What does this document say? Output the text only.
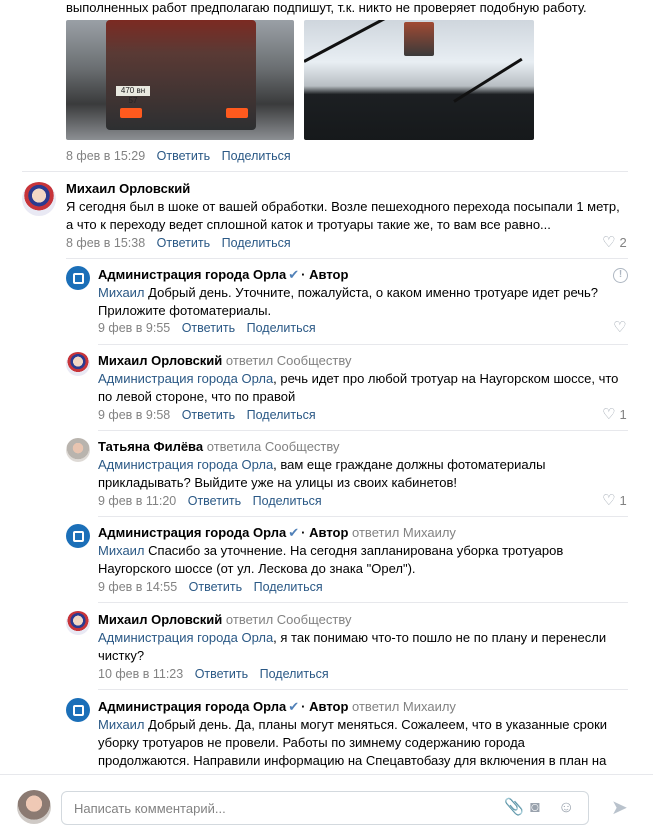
выполненных работ предполагаю подпишут, т.к. никто не проверяет подобную работу.
470 вн 57
8 фев в 15:29 Ответить Поделиться
Михаил Орловский
Я сегодня был в шоке от вашей обработки. Возле пешеходного перехода посыпали 1 метр,
а что к переходу ведет сплошной каток и тротуары такие же, то вам все равно...
8 фев в 15:38 Ответить Поделиться	♡ 2
Администрация города Орла ✔ · Автор	!
Михаил Добрый день. Уточните, пожалуйста, о каком именно тротуаре идет речь?
Приложите фотоматериалы.
9 фев в 9:55 Ответить Поделиться	♡
Михаил Орловский ответил Сообществу
Администрация города Орла, речь идет про любой тротуар на Наугорском шоссе, что
по левой стороне, что по правой
9 фев в 9:58 Ответить Поделиться	♡ 1
Татьяна Филёва ответила Сообществу
Администрация города Орла, вам еще граждане должны фотоматериалы
прикладывать? Выйдите уже на улицы из своих кабинетов!
9 фев в 11:20 Ответить Поделиться	♡ 1
Администрация города Орла ✔ · Автор ответил Михаилу
Михаил Спасибо за уточнение. На сегодня запланирована уборка тротуаров
Наугорского шоссе (от ул. Лескова до знака "Орел").
9 фев в 14:55 Ответить Поделиться
Михаил Орловский ответил Сообществу
Администрация города Орла, я так понимаю что-то пошло не по плану и перенесли
чистку?
10 фев в 11:23 Ответить Поделиться
Администрация города Орла ✔ · Автор ответил Михаилу
Михаил Добрый день. Да, планы могут меняться. Сожалеем, что в указанные сроки
уборку тротуаров не провели. Работы по зимнему содержанию города
продолжаются. Направили информацию на Спецавтобазу для включения в план на
Написать комментарий...	📎 ◙ ☺ ➤
